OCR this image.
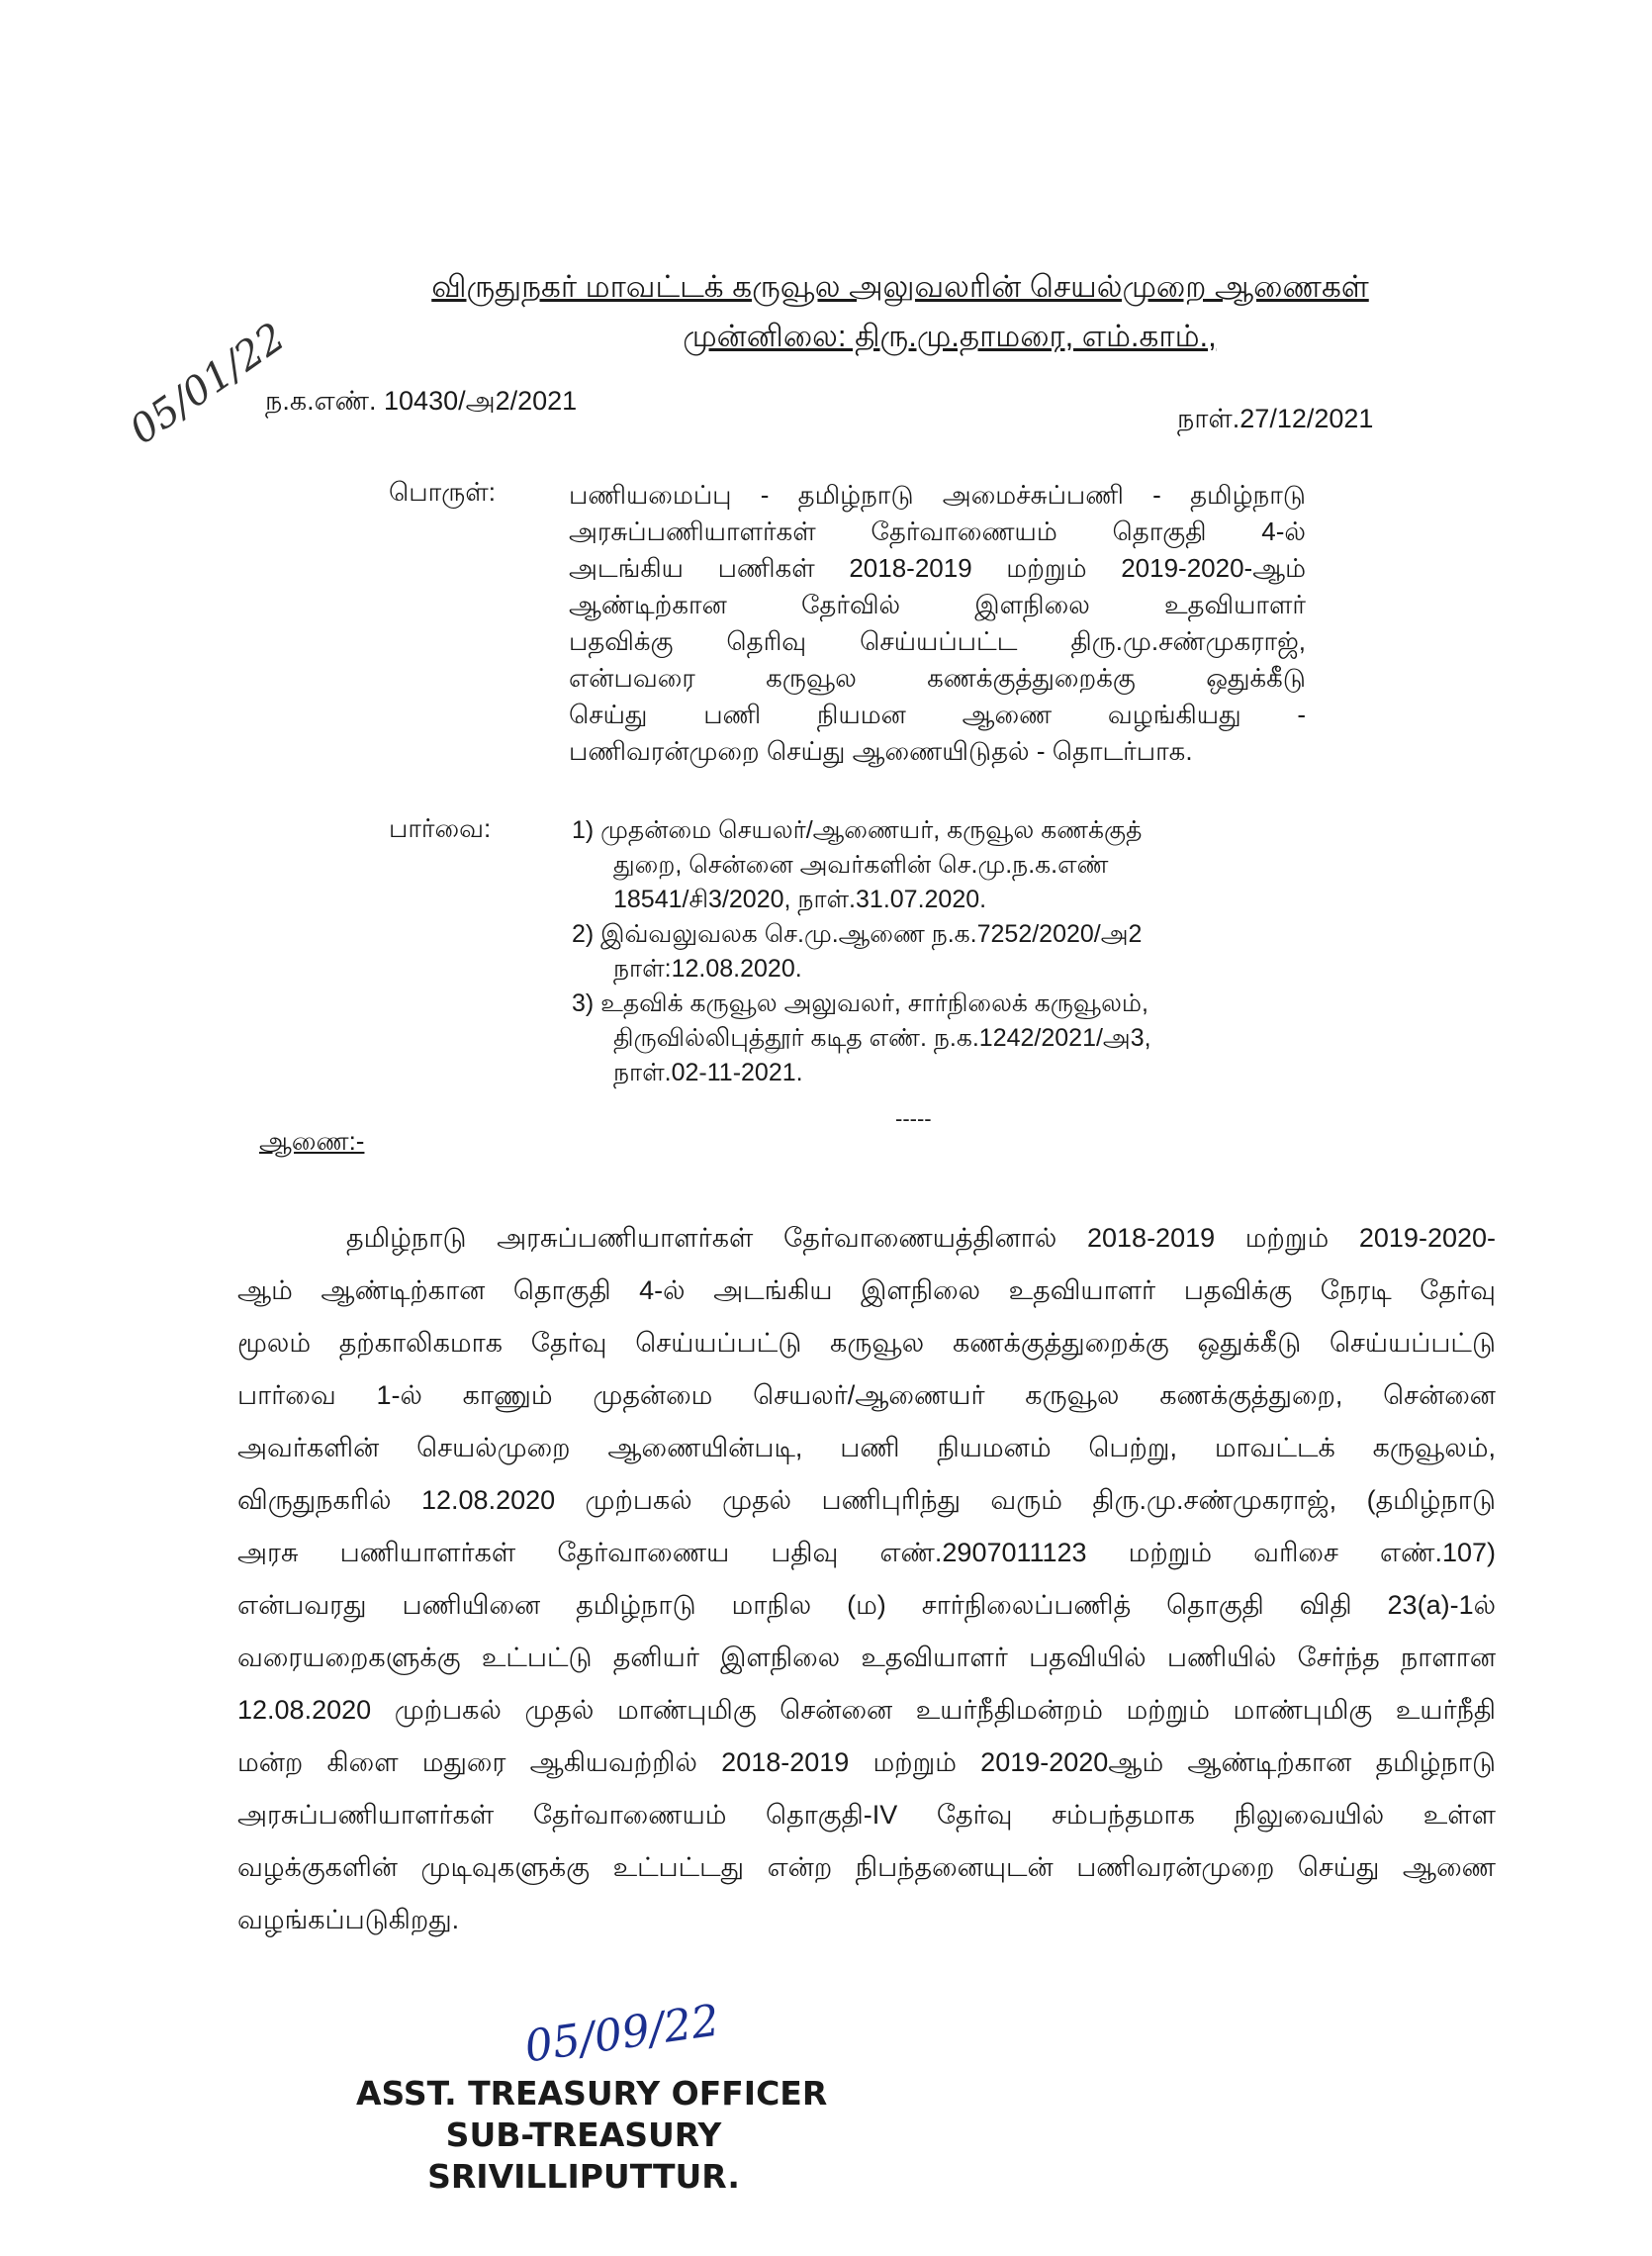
விருதுநகர் மாவட்டக் கருவூல அலுவலரின் செயல்முறை ஆணைகள்
முன்னிலை: திரு.மு.தாமரை, எம்.காம்.,
05/01/22
ந.க.எண். 10430/அ2/2021
நாள்.27/12/2021
பொருள்:	பணியமைப்பு - தமிழ்நாடு அமைச்சுப்பணி - தமிழ்நாடு
அரசுப்பணியாளர்கள் தேர்வாணையம் தொகுதி 4-ல்
அடங்கிய பணிகள் 2018-2019 மற்றும் 2019-2020-ஆம்
ஆண்டிற்கான தேர்வில் இளநிலை உதவியாளர்
பதவிக்கு தெரிவு செய்யப்பட்ட திரு.மு.சண்முகராஜ்,
என்பவரை கருவூல கணக்குத்துறைக்கு ஒதுக்கீடு
செய்து பணி நியமன ஆணை வழங்கியது -
பணிவரன்முறை செய்து ஆணையிடுதல் - தொடர்பாக.
பார்வை:	1) முதன்மை செயலர்/ஆணையர், கருவூல கணக்குத்
துறை, சென்னை அவர்களின் செ.மு.ந.க.எண்
18541/சி3/2020, நாள்.31.07.2020.
2) இவ்வலுவலக செ.மு.ஆணை ந.க.7252/2020/அ2
நாள்:12.08.2020.
3) உதவிக் கருவூல அலுவலர், சார்நிலைக் கருவூலம்,
திருவில்லிபுத்தூர் கடித எண். ந.க.1242/2021/அ3,
நாள்.02-11-2021.
-----
ஆணை:-
தமிழ்நாடு அரசுப்பணியாளர்கள் தேர்வாணையத்தினால் 2018-2019 மற்றும் 2019-2020-
ஆம் ஆண்டிற்கான தொகுதி 4-ல் அடங்கிய இளநிலை உதவியாளர் பதவிக்கு நேரடி தேர்வு
மூலம் தற்காலிகமாக தேர்வு செய்யப்பட்டு கருவூல கணக்குத்துறைக்கு ஒதுக்கீடு செய்யப்பட்டு
பார்வை 1-ல் காணும் முதன்மை செயலர்/ஆணையர் கருவூல கணக்குத்துறை, சென்னை
அவர்களின் செயல்முறை ஆணையின்படி, பணி நியமனம் பெற்று, மாவட்டக் கருவூலம்,
விருதுநகரில் 12.08.2020 முற்பகல் முதல் பணிபுரிந்து வரும் திரு.மு.சண்முகராஜ், (தமிழ்நாடு
அரசு பணியாளர்கள் தேர்வாணைய பதிவு எண்.2907011123 மற்றும் வரிசை எண்.107)
என்பவரது பணியினை தமிழ்நாடு மாநில (ம) சார்நிலைப்பணித் தொகுதி விதி 23(a)-1ல்
வரையறைகளுக்கு உட்பட்டு தனியர் இளநிலை உதவியாளர் பதவியில் பணியில் சேர்ந்த நாளான
12.08.2020 முற்பகல் முதல் மாண்புமிகு சென்னை உயர்நீதிமன்றம் மற்றும் மாண்புமிகு உயர்நீதி
மன்ற கிளை மதுரை ஆகியவற்றில் 2018-2019 மற்றும் 2019-2020ஆம் ஆண்டிற்கான தமிழ்நாடு
அரசுப்பணியாளர்கள் தேர்வாணையம் தொகுதி-IV தேர்வு சம்பந்தமாக நிலுவையில் உள்ள
வழக்குகளின் முடிவுகளுக்கு உட்பட்டது என்ற நிபந்தனையுடன் பணிவரன்முறை செய்து ஆணை
வழங்கப்படுகிறது.
05/09/22
ASST. TREASURY OFFICER
SUB-TREASURY
SRIVILLIPUTTUR.
